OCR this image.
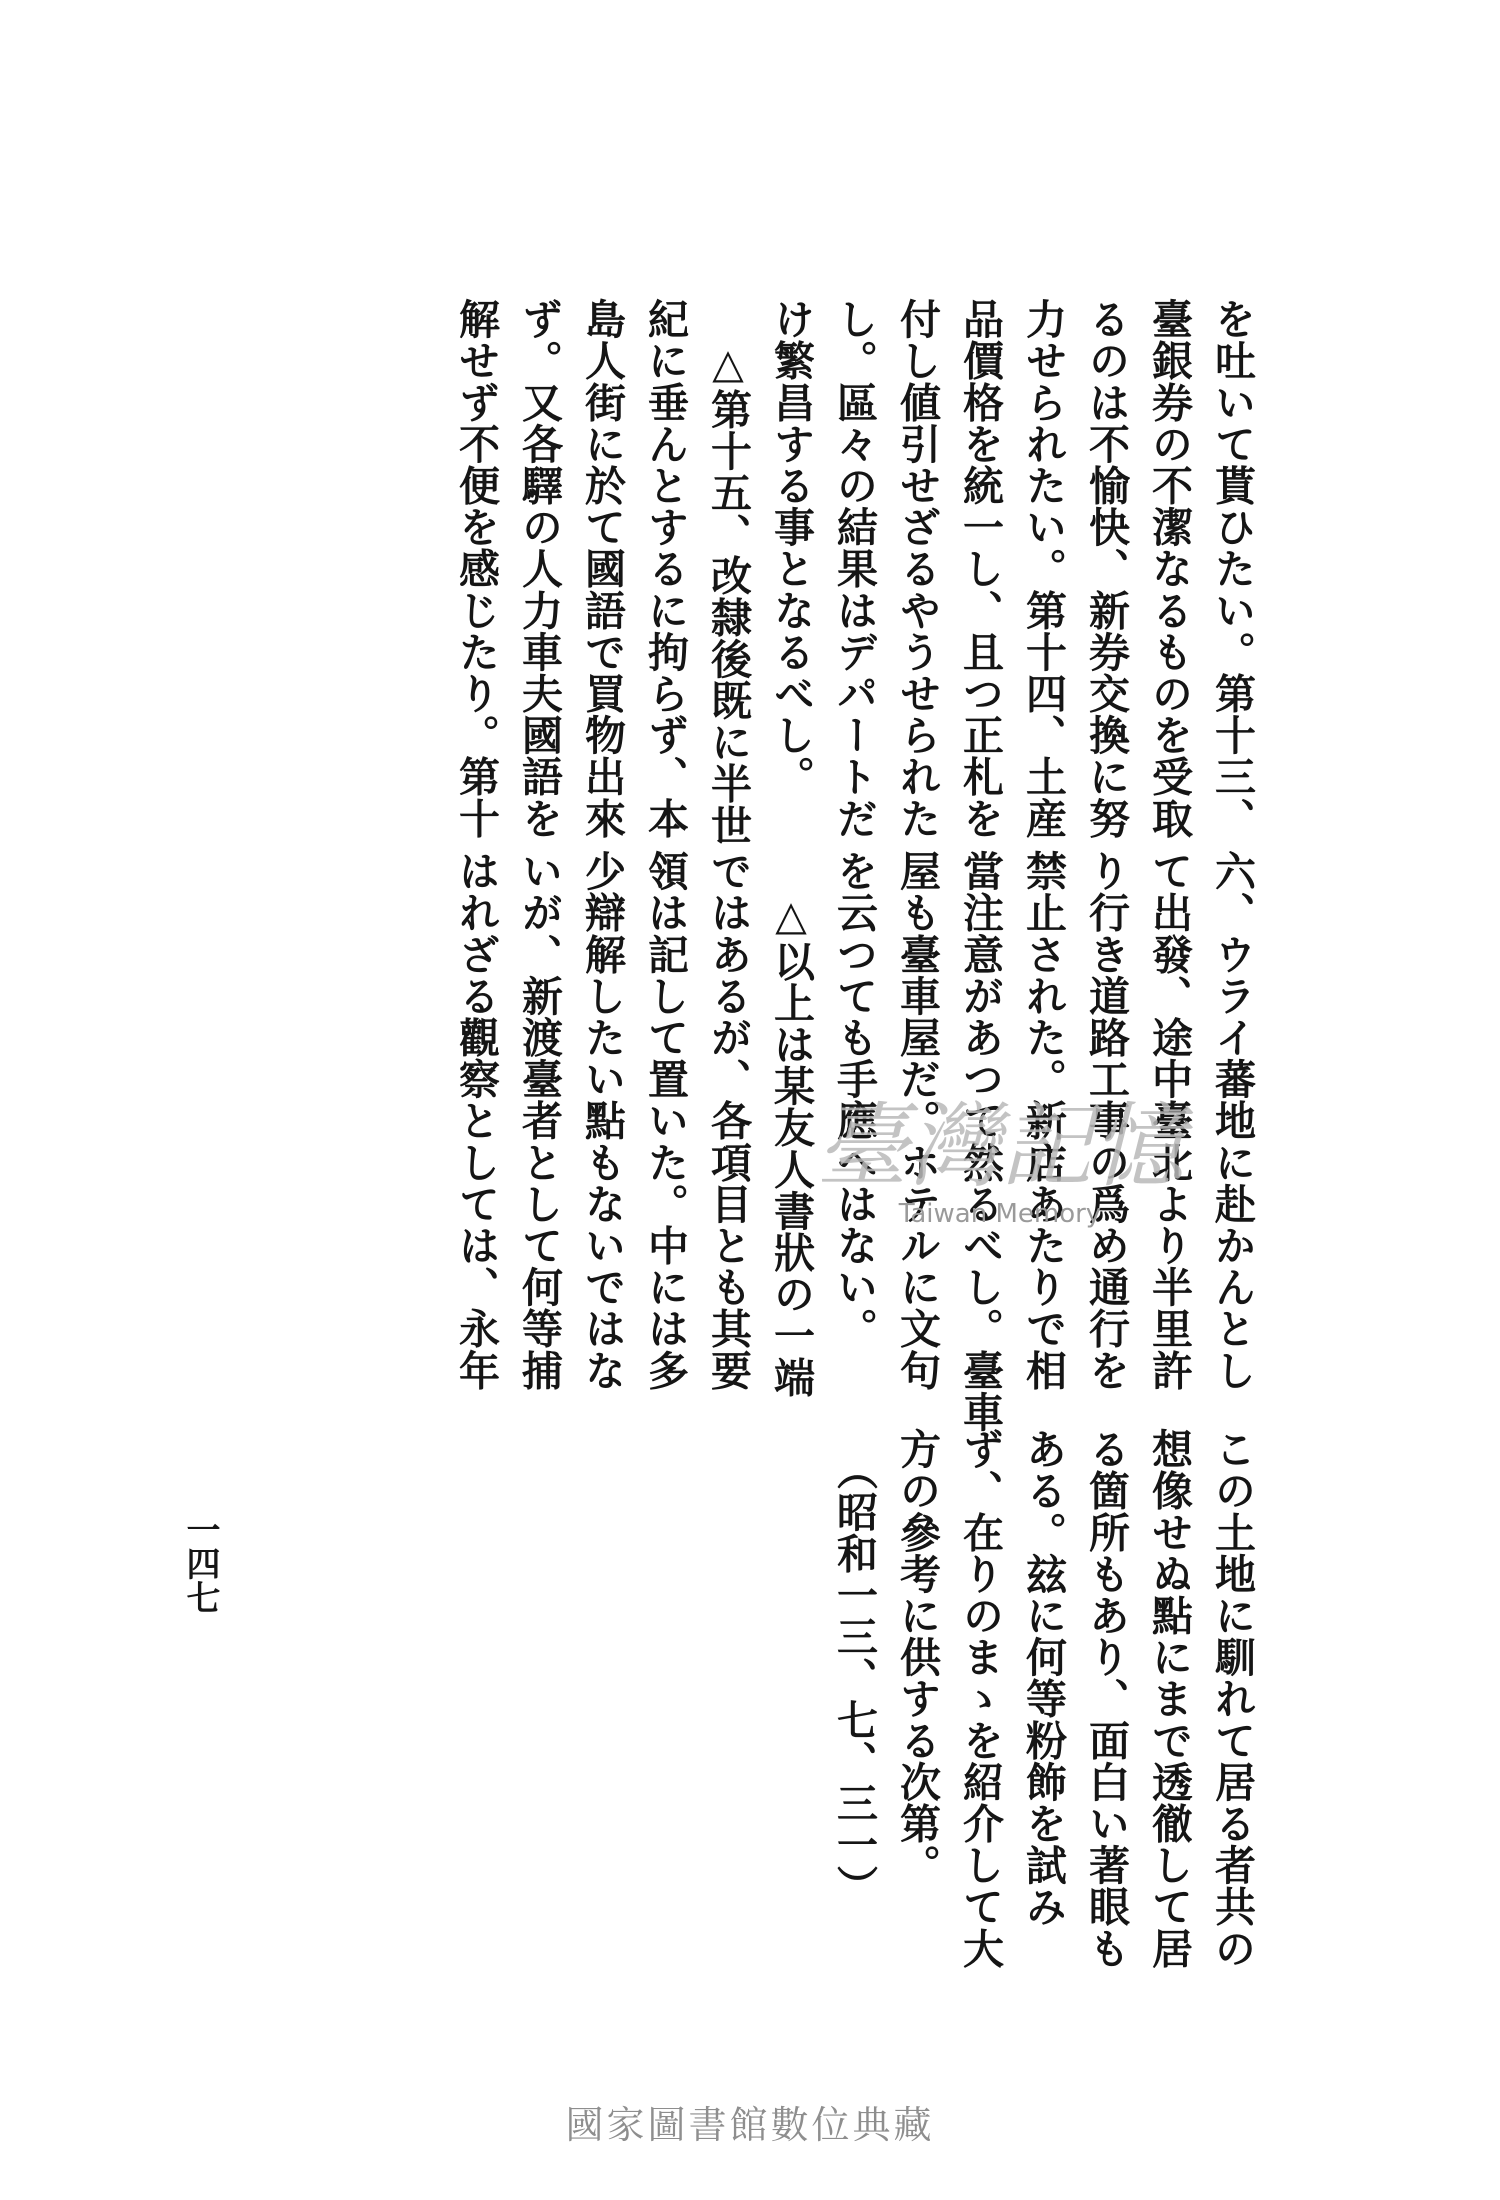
を吐いて貰ひたい。第十三、
臺銀券の不潔なるものを受取
るのは不愉快、新券交換に努
力せられたい。第十四、土産
品價格を統一し、且つ正札を
付し値引せざるやうせられた
し。區々の結果はデパートだ
け繁昌する事となるべし。
　△第十五、改隸後既に半世
紀に垂んとするに拘らず、本
島人街に於て國語で買物出來
ず。又各驛の人力車夫國語を
解せず不便を感じたり。第十
六、ウライ蕃地に赴かんとし
て出發、途中臺北より半里許
り行き道路工事の爲め通行を
禁止された。新店あたりで相
當注意があつて然るべし。臺車
屋も臺車屋だ。ホテルに文句
を云つても手應へはない。
　△以上は某友人書狀の一端
ではあるが、各項目とも其要
領は記して置いた。中には多
少辯解したい點もないではな
いが、新渡臺者として何等捕
はれざる觀察としては、永年
この土地に馴れて居る者共の
想像せぬ點にまで透徹して居
る箇所もあり、面白い著眼も
ある。玆に何等粉飾を試み
ず、在りのまゝを紹介して大
方の參考に供する次第。
　（昭和一三、七、三一）
一四七
臺灣記憶
Taiwan Memory
國家圖書館數位典藏
